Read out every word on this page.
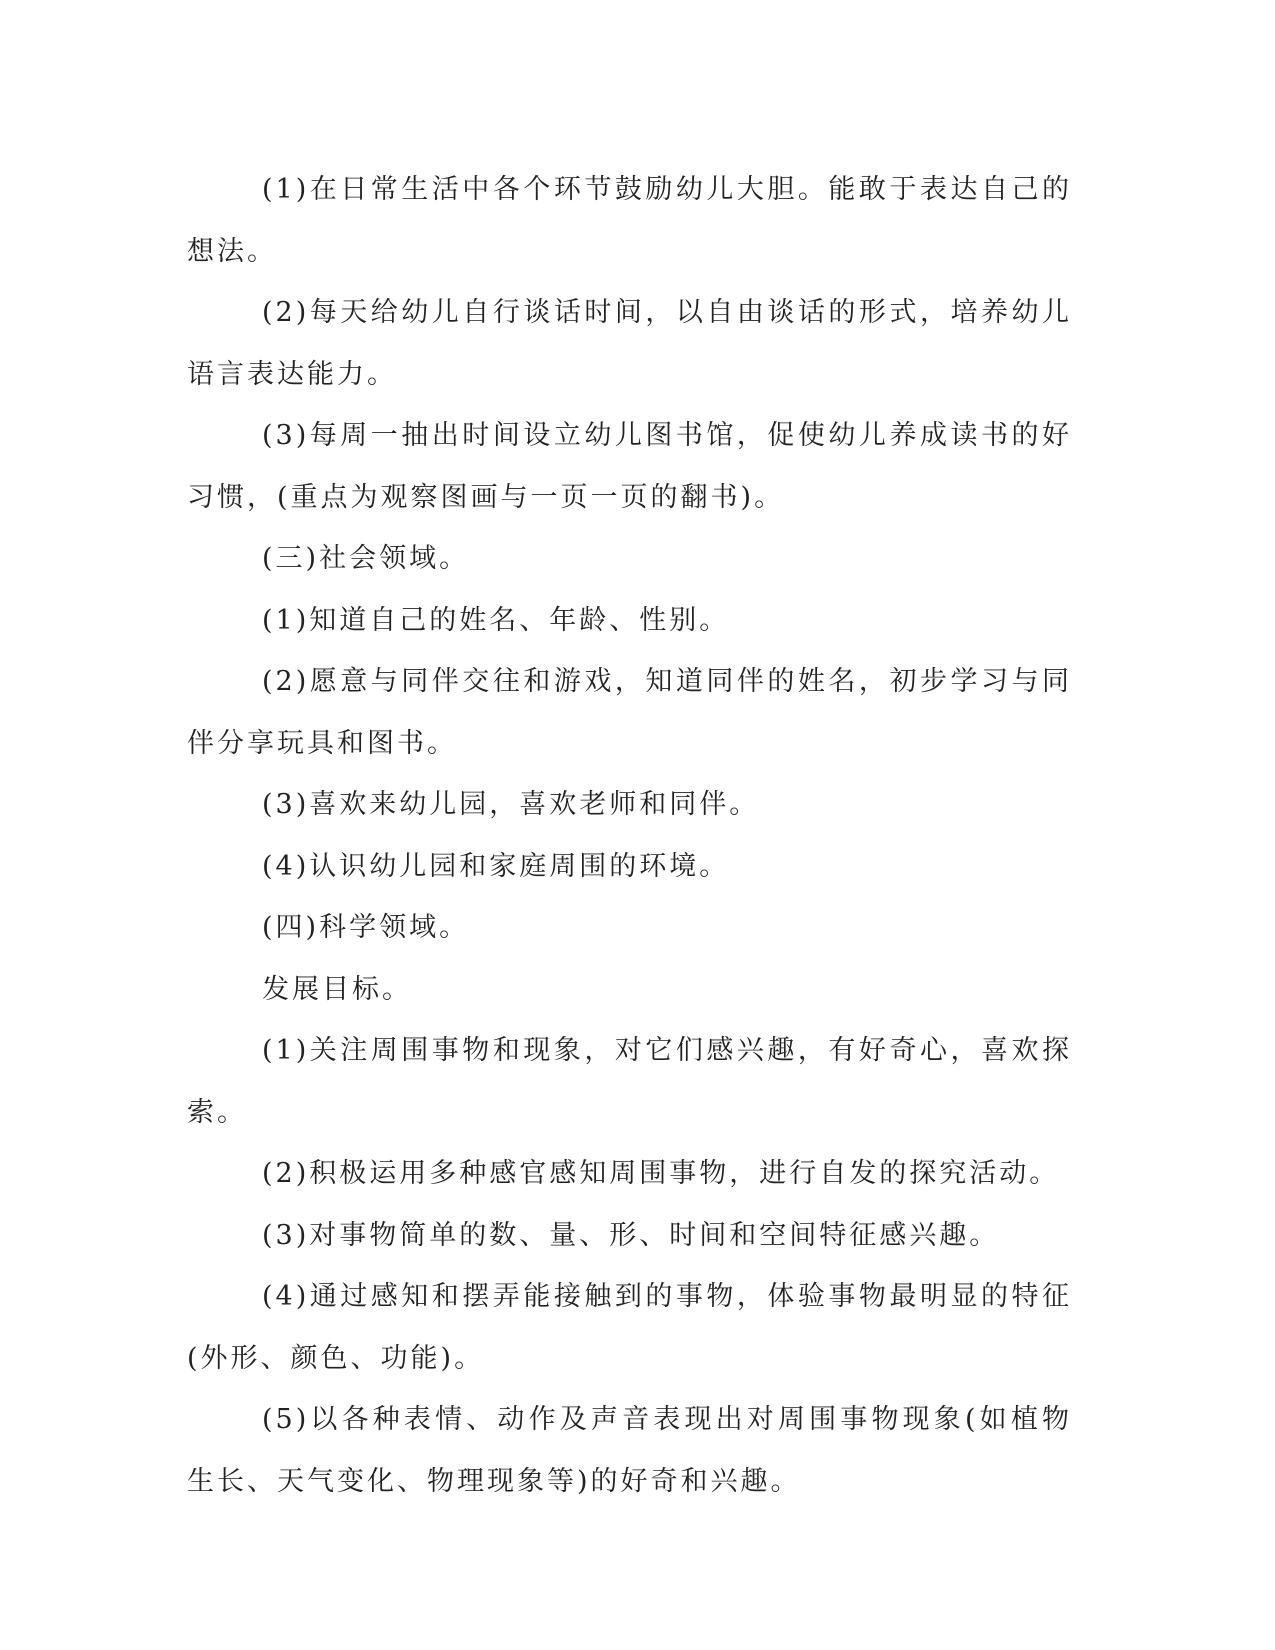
(1)在日常生活中各个环节鼓励幼儿大胆。能敢于表达自己的想法。

(2)每天给幼儿自行谈话时间，以自由谈话的形式，培养幼儿语言表达能力。

(3)每周一抽出时间设立幼儿图书馆，促使幼儿养成读书的好习惯，(重点为观察图画与一页一页的翻书)。

(三)社会领域。

(1)知道自己的姓名、年龄、性别。

(2)愿意与同伴交往和游戏，知道同伴的姓名，初步学习与同伴分享玩具和图书。

(3)喜欢来幼儿园，喜欢老师和同伴。

(4)认识幼儿园和家庭周围的环境。

(四)科学领域。

发展目标。

(1)关注周围事物和现象，对它们感兴趣，有好奇心，喜欢探索。

(2)积极运用多种感官感知周围事物，进行自发的探究活动。

(3)对事物简单的数、量、形、时间和空间特征感兴趣。

(4)通过感知和摆弄能接触到的事物，体验事物最明显的特征(外形、颜色、功能)。

(5)以各种表情、动作及声音表现出对周围事物现象(如植物生长、天气变化、物理现象等)的好奇和兴趣。
